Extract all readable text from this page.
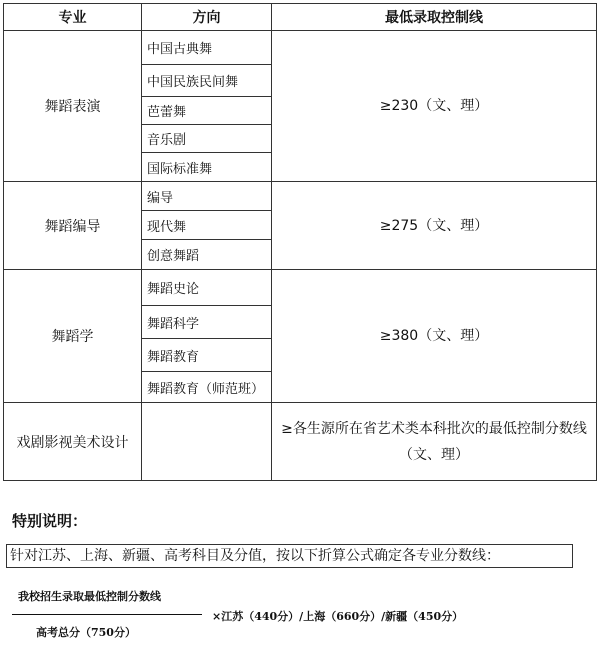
专业	方向	最低录取控制线
舞蹈表演	中国古典舞	≥230（文、理）
	中国民族民间舞	
	芭蕾舞	
	音乐剧	
	国际标准舞	
舞蹈编导	编导	≥275（文、理）
	现代舞	
	创意舞蹈	
舞蹈学	舞蹈史论	≥380（文、理）
	舞蹈科学	
	舞蹈教育	
	舞蹈教育（师范班）	
戏剧影视美术设计		≥各生源所在省艺术类本科批次的最低控制分数线
（文、理）
特别说明：
针对江苏、上海、新疆、高考科目及分值，按以下折算公式确定各专业分数线：
我校招生录取最低控制分数线
高考总分（750分）
×江苏（440分）/上海（660分）/新疆（450分）
